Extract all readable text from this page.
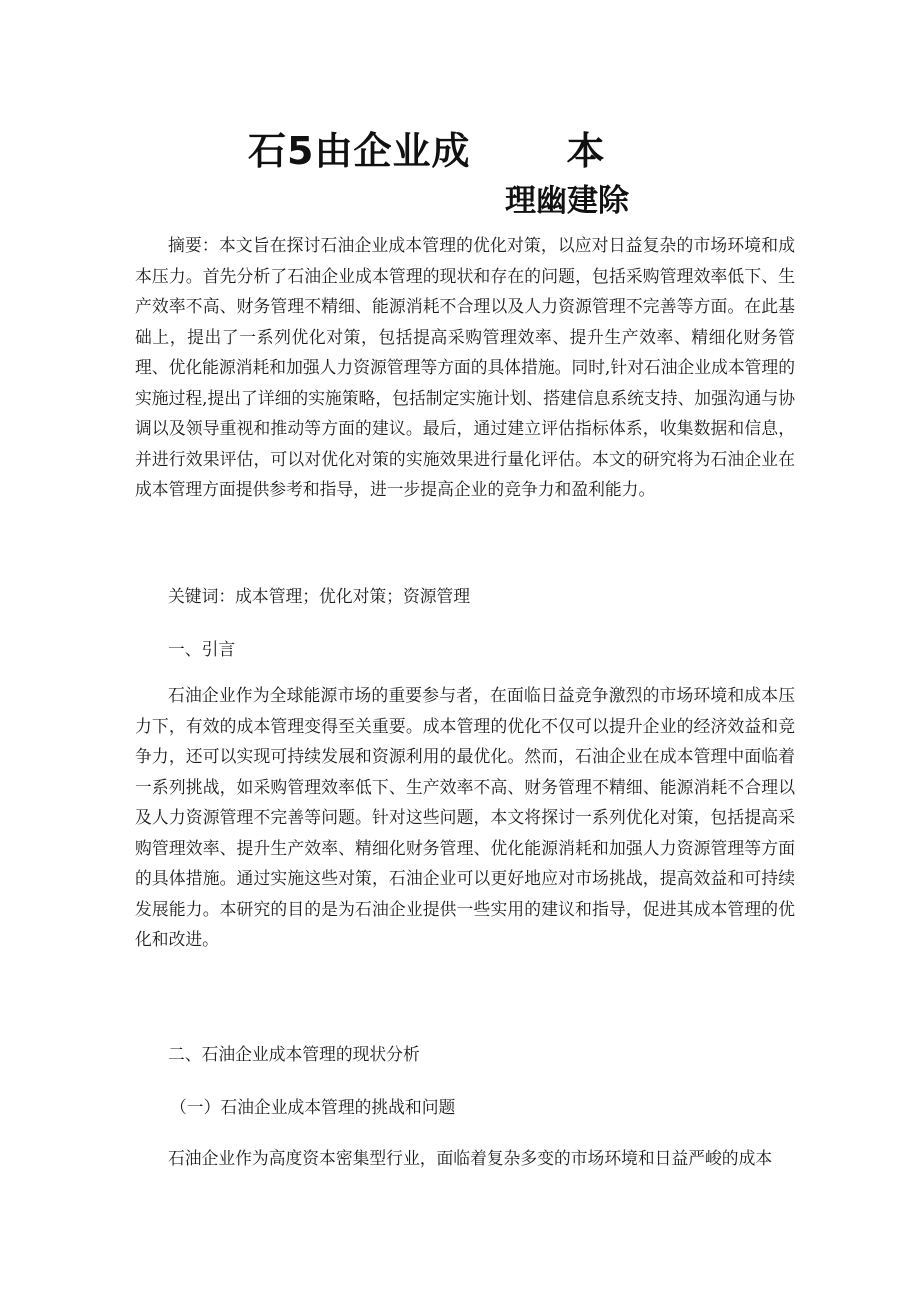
石5由企业成	本
理幽建除

摘要：本文旨在探讨石油企业成本管理的优化对策，以应对日益复杂的市场环境和成本压力。首先分析了石油企业成本管理的现状和存在的问题，包括采购管理效率低下、生产效率不高、财务管理不精细、能源消耗不合理以及人力资源管理不完善等方面。在此基础上，提出了一系列优化对策，包括提高采购管理效率、提升生产效率、精细化财务管理、优化能源消耗和加强人力资源管理等方面的具体措施。同时,针对石油企业成本管理的实施过程,提出了详细的实施策略，包括制定实施计划、搭建信息系统支持、加强沟通与协调以及领导重视和推动等方面的建议。最后，通过建立评估指标体系，收集数据和信息，并进行效果评估，可以对优化对策的实施效果进行量化评估。本文的研究将为石油企业在成本管理方面提供参考和指导，进一步提高企业的竞争力和盈利能力。

关键词：成本管理；优化对策；资源管理

一、引言

石油企业作为全球能源市场的重要参与者，在面临日益竞争激烈的市场环境和成本压力下，有效的成本管理变得至关重要。成本管理的优化不仅可以提升企业的经济效益和竞争力，还可以实现可持续发展和资源利用的最优化。然而，石油企业在成本管理中面临着一系列挑战，如采购管理效率低下、生产效率不高、财务管理不精细、能源消耗不合理以及人力资源管理不完善等问题。针对这些问题，本文将探讨一系列优化对策，包括提高采购管理效率、提升生产效率、精细化财务管理、优化能源消耗和加强人力资源管理等方面的具体措施。通过实施这些对策，石油企业可以更好地应对市场挑战，提高效益和可持续发展能力。本研究的目的是为石油企业提供一些实用的建议和指导，促进其成本管理的优化和改进。

二、石油企业成本管理的现状分析

（一）石油企业成本管理的挑战和问题

石油企业作为高度资本密集型行业，面临着复杂多变的市场环境和日益严峻的成本
